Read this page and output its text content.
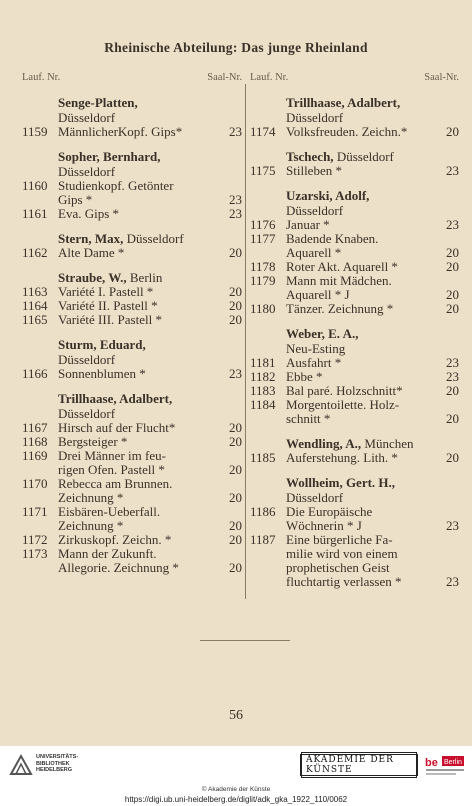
Rheinische Abteilung: Das junge Rheinland
Lauf. Nr.	Saal-Nr.
Senge-Platten,
Düsseldorf
1159 MännlicherKopf. Gips*	23
Sopher, Bernhard,
Düsseldorf
1160 Studienkopf. Getönter
Gips *	23
1161 Eva. Gips *	23
Stern, Max, Düsseldorf
1162 Alte Dame *	20
Straube, W., Berlin
1163 Variété I. Pastell *	20
1164 Variété II. Pastell *	20
1165 Variété III. Pastell *	20
Sturm, Eduard,
Düsseldorf
1166 Sonnenblumen *	23
Trillhaase, Adalbert,
Düsseldorf
1167 Hirsch auf der Flucht*	20
1168 Bergsteiger *	20
1169 Drei Männer im feu-
rigen Ofen. Pastell *	20
1170 Rebecca am Brunnen.
Zeichnung *	20
1171 Eisbären-Ueberfall.
Zeichnung *	20
1172 Zirkuskopf. Zeichn. *	20
1173 Mann der Zukunft.
Allegorie. Zeichnung *	20
Lauf. Nr.	Saal-Nr.
Trillhaase, Adalbert,
Düsseldorf
1174 Volksfreuden. Zeichn.*	20
Tschech, Düsseldorf
1175 Stilleben *	23
Uzarski, Adolf,
Düsseldorf
1176 Januar *	23
1177 Badende Knaben.
Aquarell *	20
1178 Roter Akt. Aquarell *	20
1179 Mann mit Mädchen.
Aquarell * J	20
1180 Tänzer. Zeichnung *	20
Weber, E. A.,
Neu-Esting
1181 Ausfahrt *	23
1182 Ebbe *	23
1183 Bal paré. Holzschnitt*	20
1184 Morgentoilette. Holz-
schnitt *	20
Wendling, A., München
1185 Auferstehung. Lith. *	20
Wollheim, Gert. H.,
Düsseldorf
1186 Die Europäische
Wöchnerin * J	23
1187 Eine bürgerliche Fa-
milie wird von einem
prophetischen Geist
fluchtartig verlassen *	23
56
UNIVERSITÄTS-
BIBLIOTHEK
HEIDELBERG
AKADEMIE DER KÜNSTE
be Berlin
© Akademie der Künste
https://digi.ub.uni-heidelberg.de/diglit/adk_gka_1922_110/0062
